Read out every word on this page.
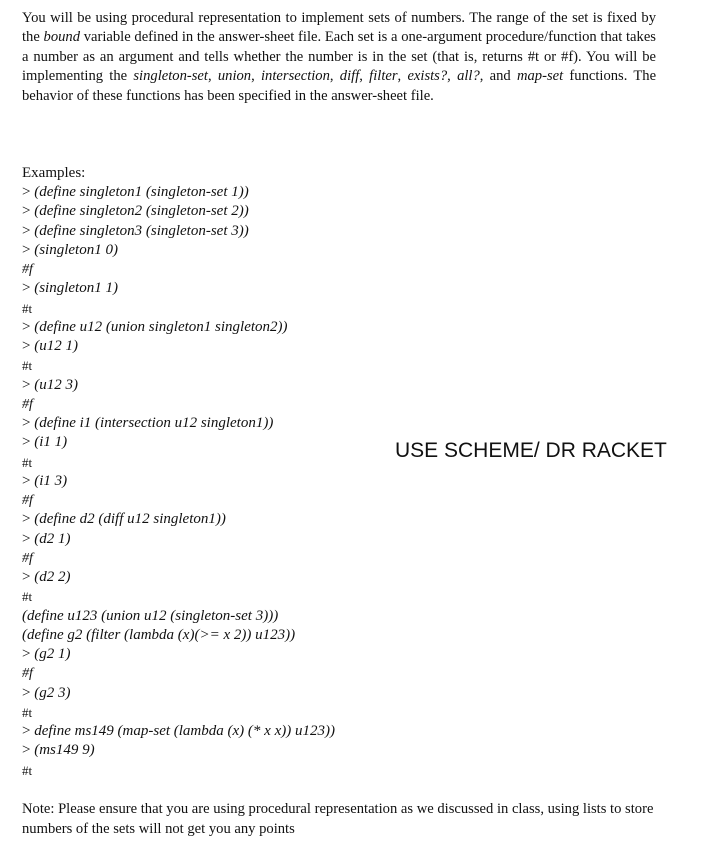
You will be using procedural representation to implement sets of numbers. The range of the set is fixed by the bound variable defined in the answer-sheet file. Each set is a one-argument procedure/function that takes a number as an argument and tells whether the number is in the set (that is, returns #t or #f). You will be implementing the singleton-set, union, intersection, diff, filter, exists?, all?, and map-set functions. The behavior of these functions has been specified in the answer-sheet file.

Examples:
> (define singleton1 (singleton-set 1))
> (define singleton2 (singleton-set 2))
> (define singleton3 (singleton-set 3))
> (singleton1 0)
#f
> (singleton1 1)
#t
> (define u12 (union singleton1 singleton2))
> (u12 1)
#t
> (u12 3)
#f
> (define i1 (intersection u12 singleton1))
> (i1 1)
#t
> (i1 3)
#f
> (define d2 (diff u12 singleton1))
> (d2 1)
#f
> (d2 2)
#t
(define u123 (union u12 (singleton-set 3)))
(define g2 (filter (lambda (x)(>= x 2)) u123))
> (g2 1)
#f
> (g2 3)
#t
> define ms149 (map-set (lambda (x) (* x x)) u123))
> (ms149 9)
#t
USE SCHEME/ DR RACKET

Note: Please ensure that you are using procedural representation as we discussed in class, using lists to store numbers of the sets will not get you any points
